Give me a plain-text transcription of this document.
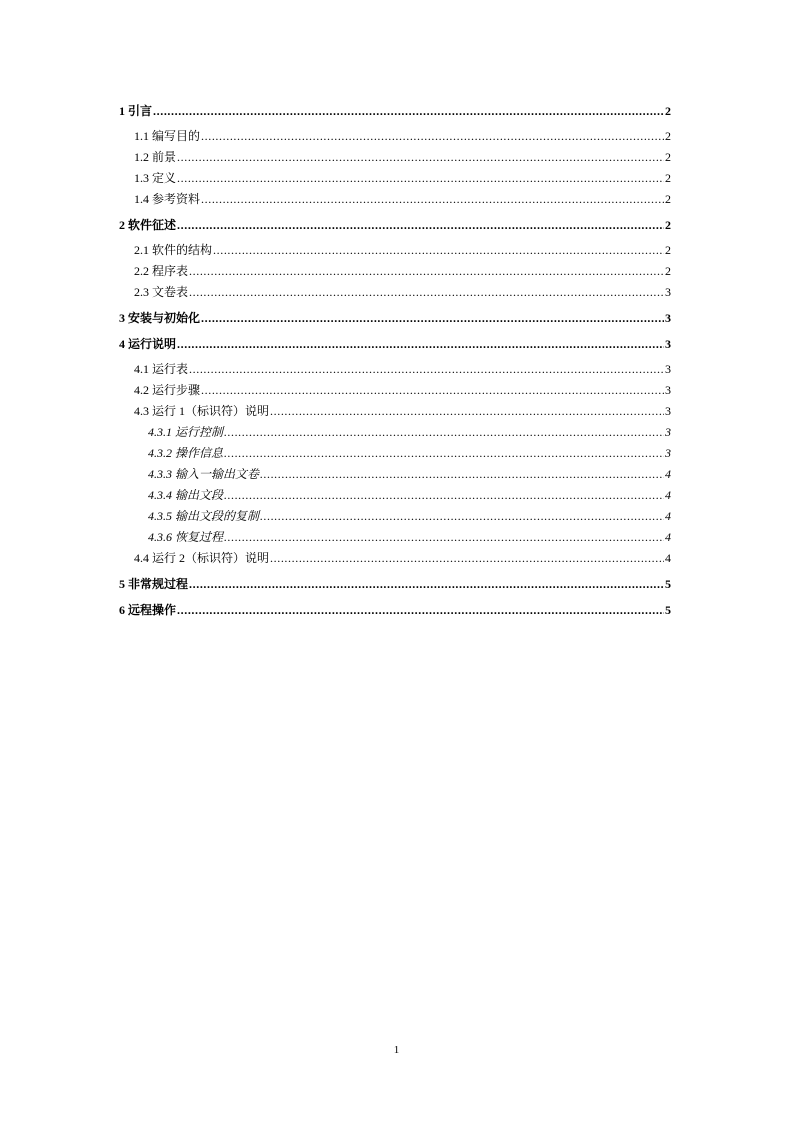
1 引言 .....	2
1.1 编写目的 .....	2
1.2 前景 .....	2
1.3 定义 .....	2
1.4 参考资料 .....	2
2 软件征述 .....	2
2.1 软件的结构 .....	2
2.2 程序表 .....	2
2.3 文卷表 .....	3
3 安装与初始化 .....	3
4 运行说明 .....	3
4.1 运行表 .....	3
4.2 运行步骤 .....	3
4.3 运行 1（标识符）说明 .....	3
4.3.1 运行控制 .....	3
4.3.2 操作信息 .....	3
4.3.3 输入一输出文卷 .....	4
4.3.4 输出文段 .....	4
4.3.5 输出文段的复制 .....	4
4.3.6 恢复过程 .....	4
4.4 运行 2（标识符）说明 .....	4
5 非常规过程 .....	5
6 远程操作 .....	5
1
